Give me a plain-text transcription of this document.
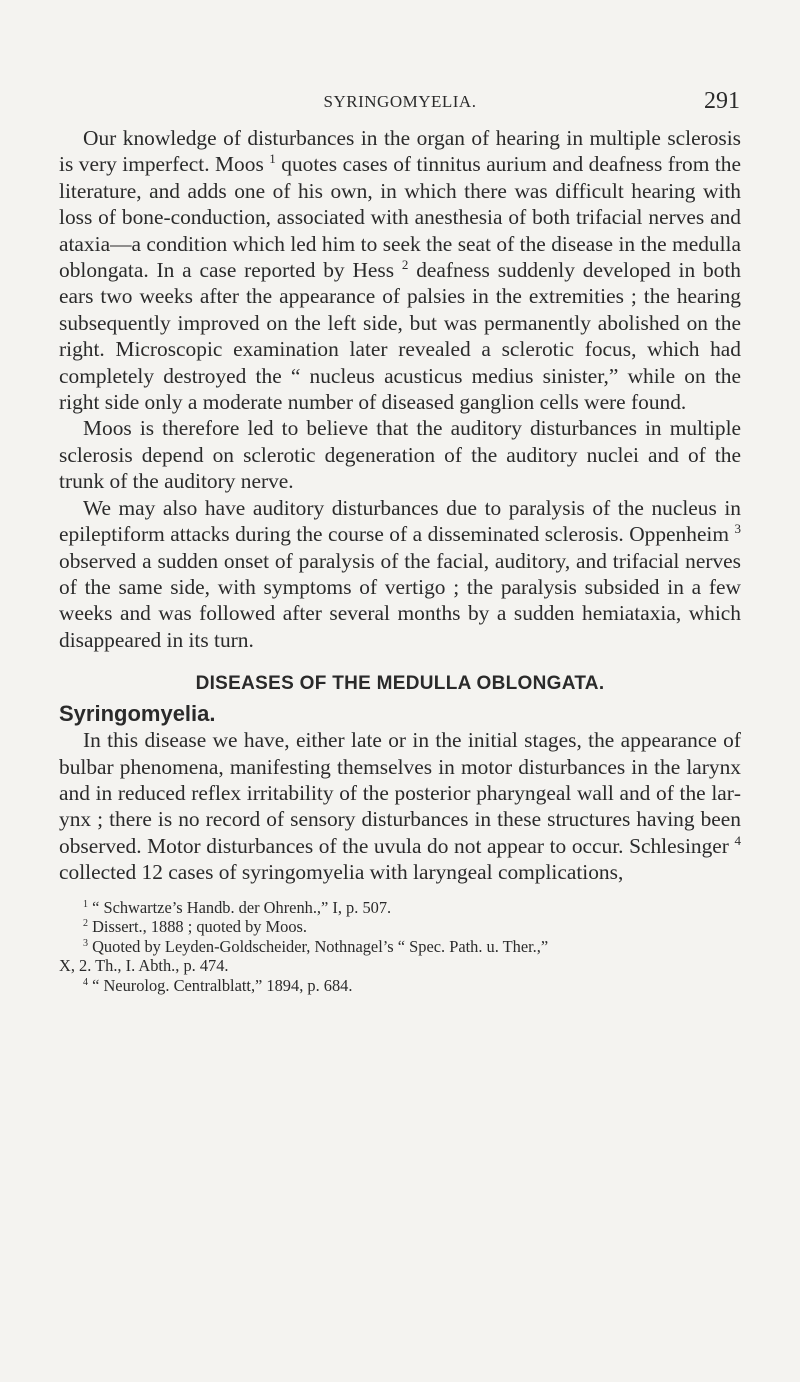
SYRINGOMYELIA.	291

Our knowledge of disturbances in the organ of hearing in multiple sclerosis is very imperfect. Moos $^1$ quotes cases of tinnitus aurium and deafness from the literature, and adds one of his own, in which there was difficult hearing with loss of bone-conduction, associated with anesthesia of both trifacial nerves and ataxia—a condition which led him to seek the seat of the disease in the medulla oblongata. In a case reported by Hess $^2$ deafness suddenly developed in both ears two weeks after the appearance of palsies in the extremities ; the hearing subsequently improved on the left side, but was permanently abolished on the right. Microscopic examination later revealed a sclerotic focus, which had completely destroyed the “ nucleus acusticus medius sinister,” while on the right side only a moderate number of diseased ganglion cells were found.

Moos is therefore led to believe that the auditory disturbances in multiple sclerosis depend on sclerotic degeneration of the auditory nuclei and of the trunk of the auditory nerve.

We may also have auditory disturbances due to paralysis of the nucleus in epileptiform attacks during the course of a disseminated sclerosis. Oppenheim $^3$ observed a sudden onset of paralysis of the facial, auditory, and trifacial nerves of the same side, with symptoms of vertigo ; the paralysis subsided in a few weeks and was followed after several months by a sudden hemiataxia, which disappeared in its turn.

DISEASES OF THE MEDULLA OBLONGATA.
Syringomyelia.

In this disease we have, either late or in the initial stages, the appearance of bulbar phenomena, manifesting themselves in motor disturbances in the larynx and in reduced reflex irritability of the posterior pharyngeal wall and of the larynx ; there is no record of sensory disturbances in these structures having been observed. Motor disturbances of the uvula do not appear to occur. Schlesinger $^4$ collected 12 cases of syringomyelia with laryngeal complications,

$^1$ “ Schwartze’s Handb. der Ohrenh.,” I, p. 507.

$^2$ Dissert., 1888 ; quoted by Moos.

$^3$ Quoted by Leyden-Goldscheider, Nothnagel’s “ Spec. Path. u. Ther.,”

X, 2. Th., I. Abth., p. 474.

$^4$ “ Neurolog. Centralblatt,” 1894, p. 684.
